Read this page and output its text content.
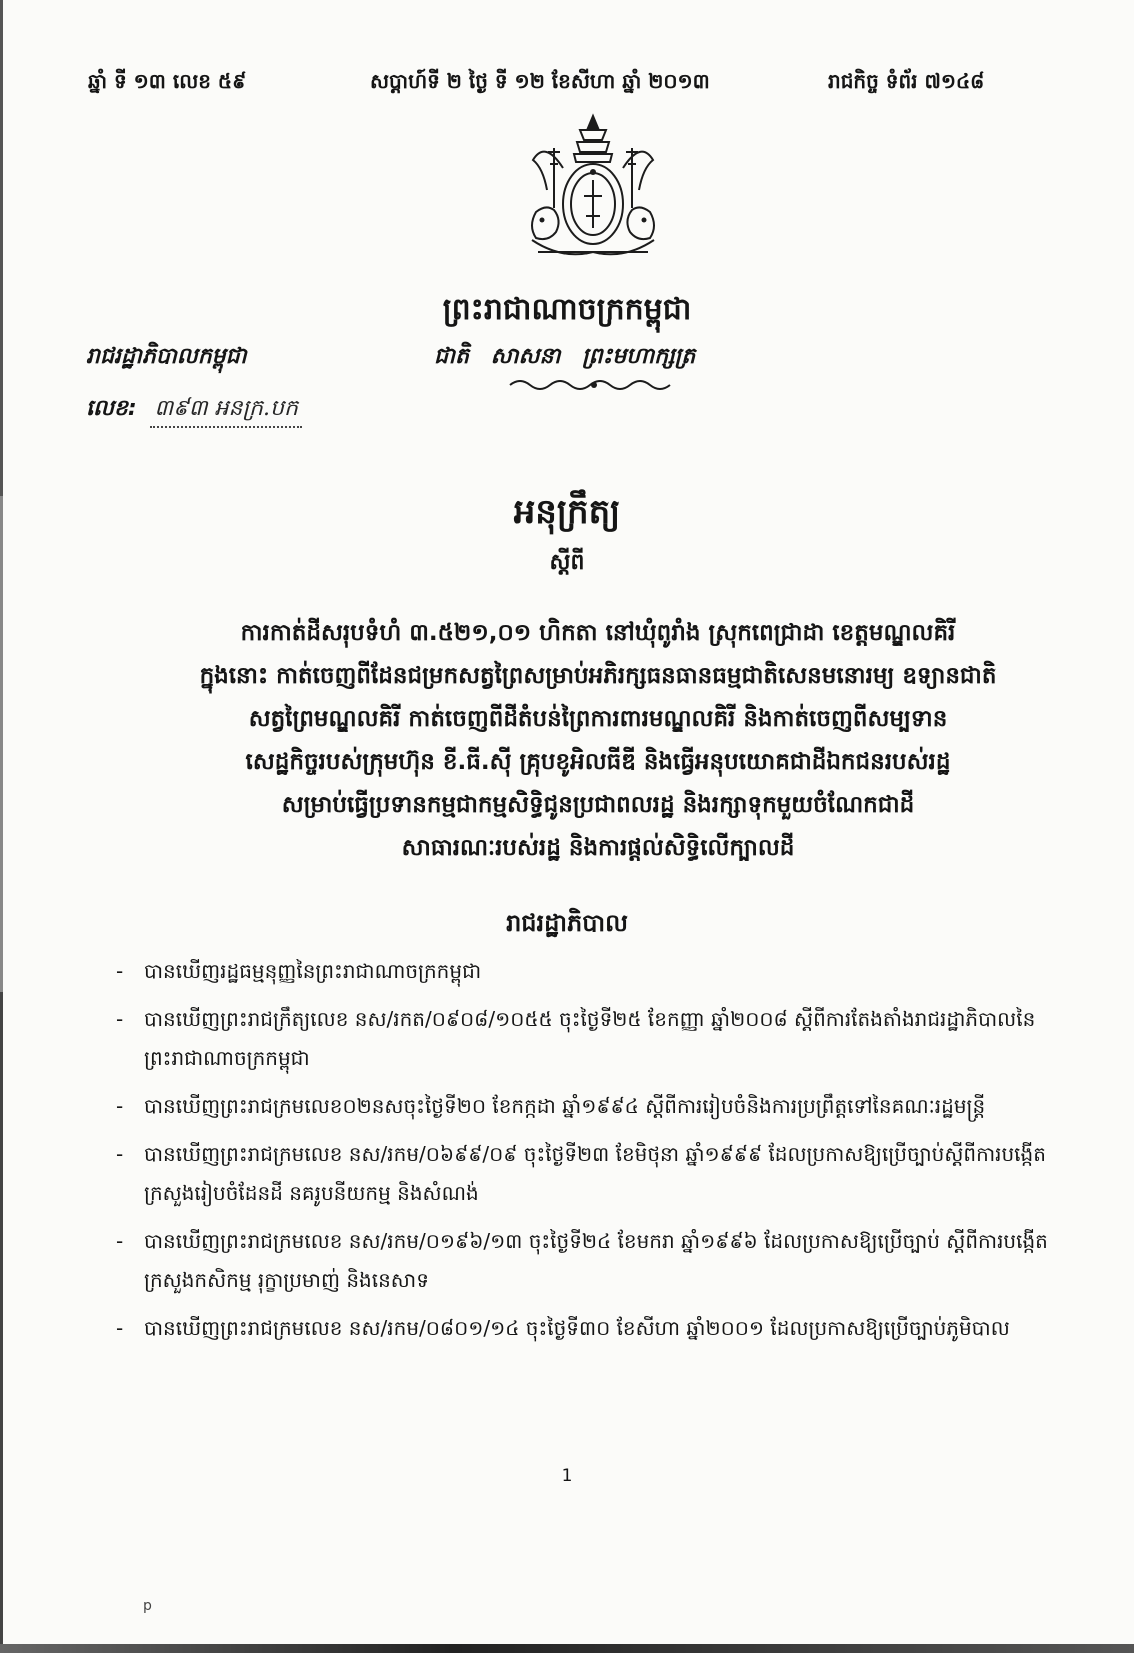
ឆ្នាំ ទី ១៣ លេខ ៥៩	សប្តាហ៍ទី ២ ថ្ងៃ ទី ១២ ខែសីហា ឆ្នាំ ២០១៣	រាជកិច្ច ទំព័រ ៧១៤៨
ព្រះរាជាណាចក្រកម្ពុជា
រាជរដ្ឋាភិបាលកម្ពុជា	ជាតិ សាសនា ព្រះមហាក្សត្រ
លេខ: ៣៩៣ អនក្រ.បក
អនុក្រឹត្យ
ស្តីពី
ការកាត់ដីសរុបទំហំ ៣.៥២១,០១ ហិកតា នៅឃុំពូរាំង ស្រុកពេជ្រាដា ខេត្តមណ្ឌលគិរី
ក្នុងនោះ កាត់ចេញពីដែនជម្រកសត្វព្រៃសម្រាប់អភិរក្សធនធានធម្មជាតិសេនមនោរម្យ ឧទ្យានជាតិ
សត្វព្រៃមណ្ឌលគិរី កាត់ចេញពីដីតំបន់ព្រៃការពារមណ្ឌលគិរី និងកាត់ចេញពីសម្បទាន
សេដ្ឋកិច្ចរបស់ក្រុមហ៊ុន ខី.ធី.ស៊ី គ្រុបខូអិលធីឌី និងធ្វើអនុបយោគជាដីឯកជនរបស់រដ្ឋ
សម្រាប់ធ្វើប្រទានកម្មជាកម្មសិទ្ធិជូនប្រជាពលរដ្ឋ និងរក្សាទុកមួយចំណែកជាដី
សាធារណៈរបស់រដ្ឋ និងការផ្តល់សិទ្ធិលើក្បាលដី
រាជរដ្ឋាភិបាល
- បានឃើញរដ្ឋធម្មនុញ្ញនៃព្រះរាជាណាចក្រកម្ពុជា
- បានឃើញព្រះរាជក្រឹត្យលេខ នស/រកត/០៩០៨/១០៥៥ ចុះថ្ងៃទី២៥ ខែកញ្ញា ឆ្នាំ២០០៨ ស្តីពីការតែងតាំងរាជរដ្ឋាភិបាលនៃព្រះរាជាណាចក្រកម្ពុជា
- បានឃើញព្រះរាជក្រមលេខ០២នសចុះថ្ងៃទី២០ ខែកក្កដា ឆ្នាំ១៩៩៤ ស្តីពីការរៀបចំនិងការប្រព្រឹត្តទៅនៃគណៈរដ្ឋមន្ត្រី
- បានឃើញព្រះរាជក្រមលេខ នស/រកម/០៦៩៩/០៩ ចុះថ្ងៃទី២៣ ខែមិថុនា ឆ្នាំ១៩៩៩ ដែលប្រកាសឱ្យប្រើច្បាប់ស្តីពីការបង្កើតក្រសួងរៀបចំដែនដី នគរូបនីយកម្ម និងសំណង់
- បានឃើញព្រះរាជក្រមលេខ នស/រកម/០១៩៦/១៣ ចុះថ្ងៃទី២៤ ខែមករា ឆ្នាំ១៩៩៦ ដែលប្រកាសឱ្យប្រើច្បាប់ ស្តីពីការបង្កើតក្រសួងកសិកម្ម រុក្ខាប្រមាញ់ និងនេសាទ
- បានឃើញព្រះរាជក្រមលេខ នស/រកម/០៨០១/១៤ ចុះថ្ងៃទី៣០ ខែសីហា ឆ្នាំ២០០១ ដែលប្រកាសឱ្យប្រើច្បាប់ភូមិបាល
1
p
